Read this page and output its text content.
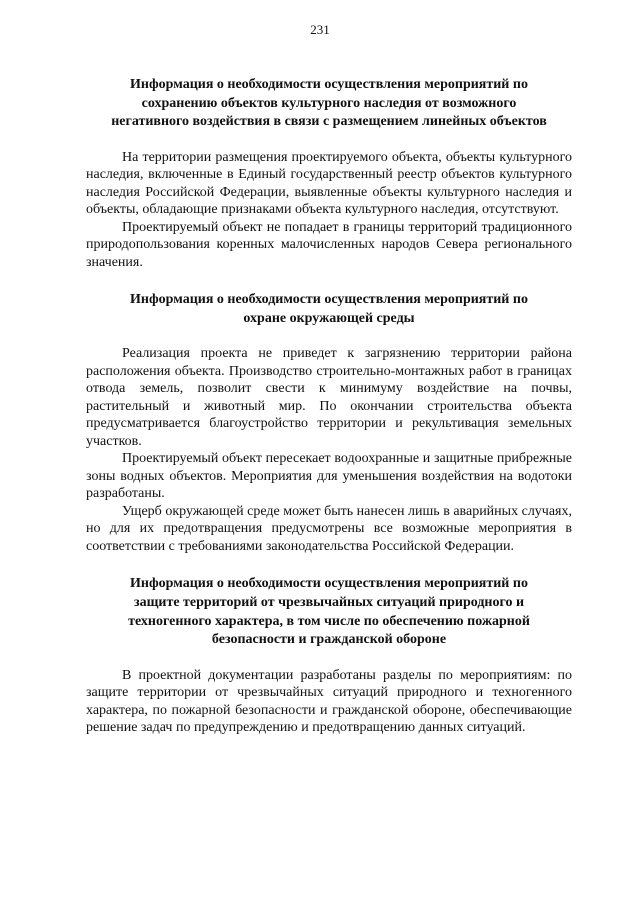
231
Информация о необходимости осуществления мероприятий по
сохранению объектов культурного наследия от возможного
негативного воздействия в связи с размещением линейных объектов

На территории размещения проектируемого объекта, объекты культурного наследия, включенные в Единый государственный реестр объектов культурного наследия Российской Федерации, выявленные объекты культурного наследия и объекты, обладающие признаками объекта культурного наследия, отсутствуют.

Проектируемый объект не попадает в границы территорий традиционного природопользования коренных малочисленных народов Севера регионального значения.

Информация о необходимости осуществления мероприятий по
охране окружающей среды

Реализация проекта не приведет к загрязнению территории района расположения объекта. Производство строительно-монтажных работ в границах отвода земель, позволит свести к минимуму воздействие на почвы, растительный и животный мир. По окончании строительства объекта предусматривается благоустройство территории и рекультивация земельных участков.

Проектируемый объект пересекает водоохранные и защитные прибрежные зоны водных объектов. Мероприятия для уменьшения воздействия на водотоки разработаны.

Ущерб окружающей среде может быть нанесен лишь в аварийных случаях, но для их предотвращения предусмотрены все возможные мероприятия в соответствии с требованиями законодательства Российской Федерации.

Информация о необходимости осуществления мероприятий по
защите территорий от чрезвычайных ситуаций природного и
техногенного характера, в том числе по обеспечению пожарной
безопасности и гражданской обороне

В проектной документации разработаны разделы по мероприятиям: по защите территории от чрезвычайных ситуаций природного и техногенного характера, по пожарной безопасности и гражданской обороне, обеспечивающие решение задач по предупреждению и предотвращению данных ситуаций.
